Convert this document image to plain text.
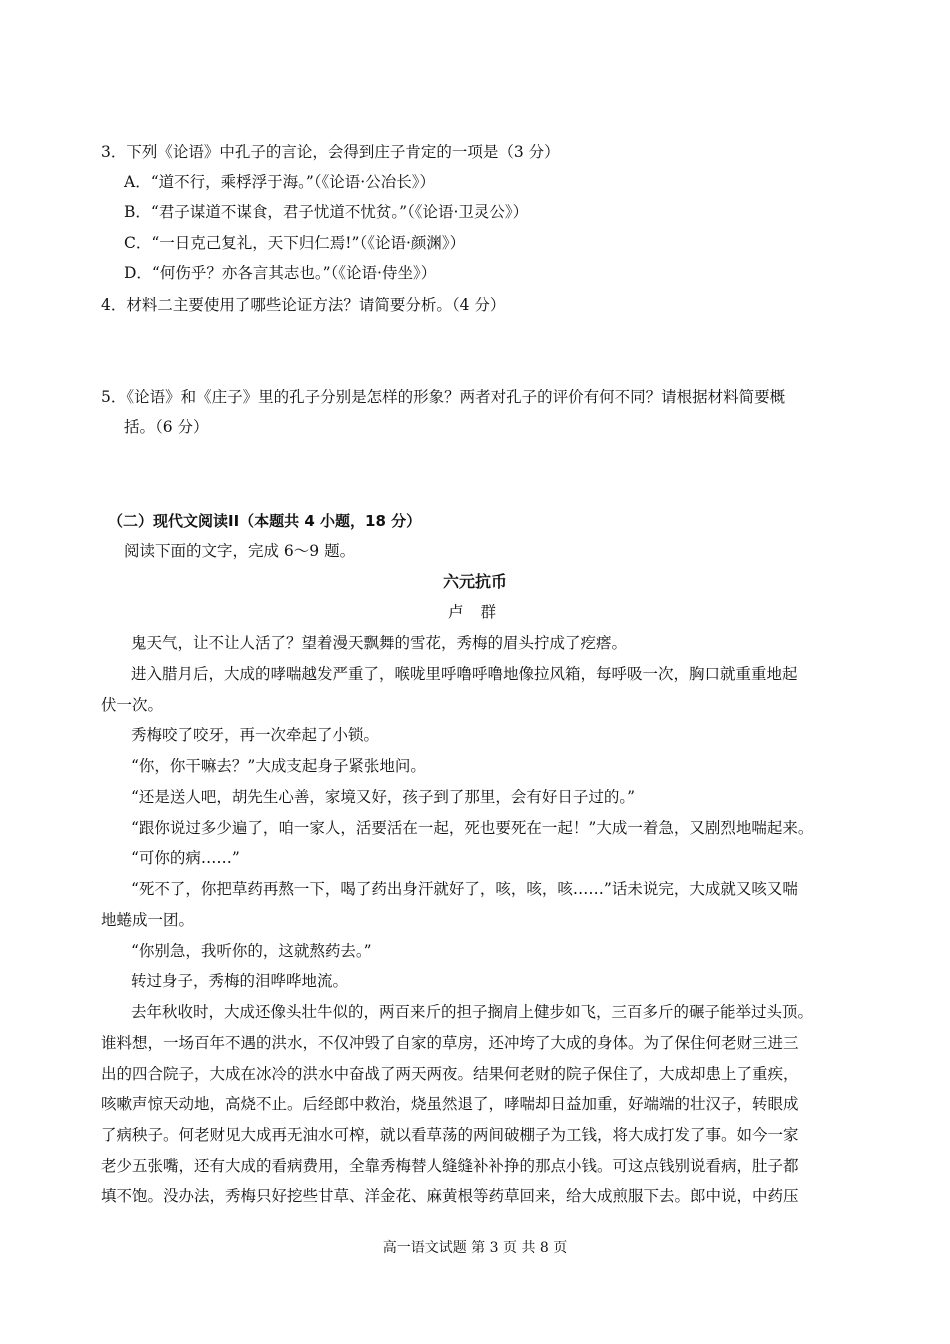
3．下列《论语》中孔子的言论，会得到庄子肯定的一项是（3 分）
A．“道不行，乘桴浮于海。”（《论语·公冶长》）
B．“君子谋道不谋食，君子忧道不忧贫。”（《论语·卫灵公》）
C．“一日克己复礼，天下归仁焉!”（《论语·颜渊》）
D．“何伤乎？亦各言其志也。”（《论语·侍坐》）
4．材料二主要使用了哪些论证方法？请简要分析。（4 分）
5．《论语》和《庄子》里的孔子分别是怎样的形象？两者对孔子的评价有何不同？请根据材料简要概
括。（6 分）
（二）现代文阅读II（本题共 4 小题，18 分）
阅读下面的文字，完成 6～9 题。
六元抗币
卢 群
鬼天气，让不让人活了？望着漫天飘舞的雪花，秀梅的眉头拧成了疙瘩。
进入腊月后，大成的哮喘越发严重了，喉咙里呼噜呼噜地像拉风箱，每呼吸一次，胸口就重重地起
伏一次。
秀梅咬了咬牙，再一次牵起了小锁。
“你，你干嘛去？”大成支起身子紧张地问。
“还是送人吧，胡先生心善，家境又好，孩子到了那里，会有好日子过的。”
“跟你说过多少遍了，咱一家人，活要活在一起，死也要死在一起！”大成一着急，又剧烈地喘起来。
“可你的病……”
“死不了，你把草药再熬一下，喝了药出身汗就好了，咳，咳，咳……”话未说完，大成就又咳又喘
地蜷成一团。
“你别急，我听你的，这就熬药去。”
转过身子，秀梅的泪哗哗地流。
去年秋收时，大成还像头壮牛似的，两百来斤的担子搁肩上健步如飞，三百多斤的碾子能举过头顶。
谁料想，一场百年不遇的洪水，不仅冲毁了自家的草房，还冲垮了大成的身体。为了保住何老财三进三
出的四合院子，大成在冰冷的洪水中奋战了两天两夜。结果何老财的院子保住了，大成却患上了重疾，
咳嗽声惊天动地，高烧不止。后经郎中救治，烧虽然退了，哮喘却日益加重，好端端的壮汉子，转眼成
了病秧子。何老财见大成再无油水可榨，就以看草荡的两间破棚子为工钱，将大成打发了事。如今一家
老少五张嘴，还有大成的看病费用，全靠秀梅替人缝缝补补挣的那点小钱。可这点钱别说看病，肚子都
填不饱。没办法，秀梅只好挖些甘草、洋金花、麻黄根等药草回来，给大成煎服下去。郎中说，中药压
高一语文试题 第 3 页 共 8 页
